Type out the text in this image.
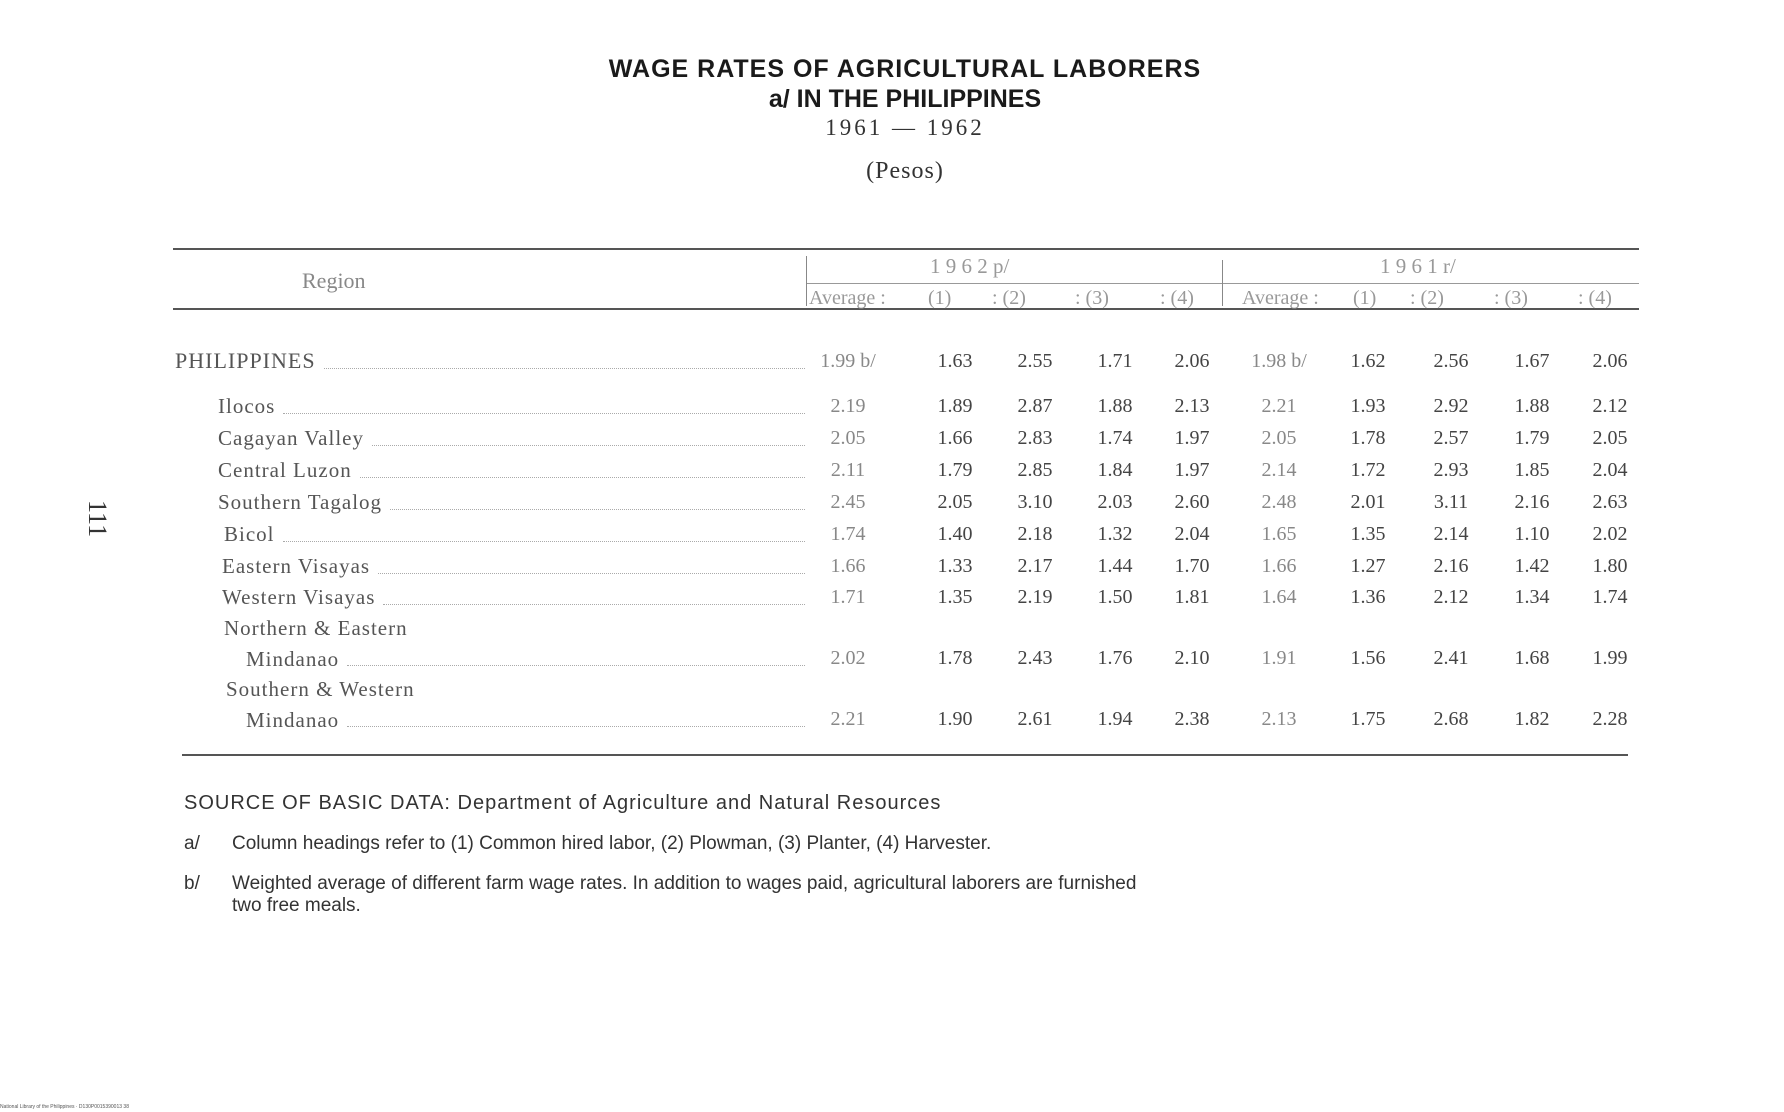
WAGE RATES OF AGRICULTURAL LABORERS
a/ IN THE PHILIPPINES
1961 — 1962
(Pesos)
111
Region
1 9 6 2 p/	1 9 6 1 r/
Average : (1) : (2) : (3)	: (4) Average : (1) : (2)	: (3)	: (4)
PHILIPPINES	1.99 b/	1.63	2.55	1.71	2.06	1.98 b/	1.62	2.56	1.67	2.06
Ilocos	2.19	1.89	2.87	1.88	2.13	2.21	1.93	2.92	1.88	2.12
Cagayan Valley	2.05	1.66	2.83	1.74	1.97	2.05	1.78	2.57	1.79	2.05
Central Luzon	2.11	1.79	2.85	1.84	1.97	2.14	1.72	2.93	1.85	2.04
Southern Tagalog	2.45	2.05	3.10	2.03	2.60	2.48	2.01	3.11	2.16	2.63
Bicol	1.74	1.40	2.18	1.32	2.04	1.65	1.35	2.14	1.10	2.02
Eastern Visayas	1.66	1.33	2.17	1.44	1.70	1.66	1.27	2.16	1.42	1.80
Western Visayas	1.71	1.35	2.19	1.50	1.81	1.64	1.36	2.12	1.34	1.74
Northern & Eastern
Mindanao	2.02	1.78	2.43	1.76	2.10	1.91	1.56	2.41	1.68	1.99
Southern & Western
Mindanao	2.21	1.90	2.61	1.94	2.38	2.13	1.75	2.68	1.82	2.28
SOURCE OF BASIC DATA: Department of Agriculture and Natural Resources
a/	Column headings refer to (1) Common hired labor, (2) Plowman, (3) Planter, (4) Harvester.
b/	Weighted average of different farm wage rates. In addition to wages paid, agricultural laborers are furnished two free meals.
National Library of the Philippines · D130P0015390013 38
